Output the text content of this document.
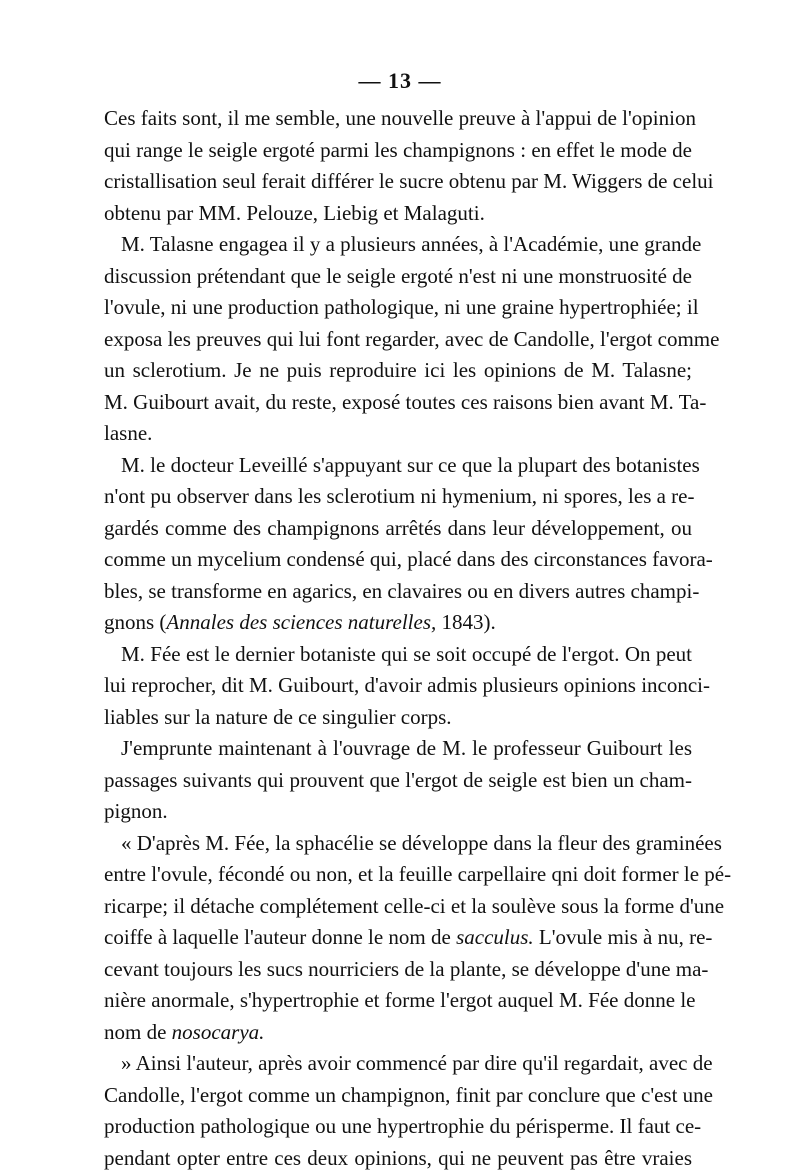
— 13 —
Ces faits sont, il me semble, une nouvelle preuve à l'appui de l'opinion
qui range le seigle ergoté parmi les champignons : en effet le mode de
cristallisation seul ferait différer le sucre obtenu par M. Wiggers de celui
obtenu par MM. Pelouze, Liebig et Malaguti.
M. Talasne engagea il y a plusieurs années, à l'Académie, une grande
discussion prétendant que le seigle ergoté n'est ni une monstruosité de
l'ovule, ni une production pathologique, ni une graine hypertrophiée; il
exposa les preuves qui lui font regarder, avec de Candolle, l'ergot comme
un sclerotium. Je ne puis reproduire ici les opinions de M. Talasne;
M. Guibourt avait, du reste, exposé toutes ces raisons bien avant M. Ta-
lasne.
M. le docteur Leveillé s'appuyant sur ce que la plupart des botanistes
n'ont pu observer dans les sclerotium ni hymenium, ni spores, les a re-
gardés comme des champignons arrêtés dans leur développement, ou
comme un mycelium condensé qui, placé dans des circonstances favora-
bles, se transforme en agarics, en clavaires ou en divers autres champi-
gnons (Annales des sciences naturelles, 1843).
M. Fée est le dernier botaniste qui se soit occupé de l'ergot. On peut
lui reprocher, dit M. Guibourt, d'avoir admis plusieurs opinions inconci-
liables sur la nature de ce singulier corps.
J'emprunte maintenant à l'ouvrage de M. le professeur Guibourt les
passages suivants qui prouvent que l'ergot de seigle est bien un cham-
pignon.
« D'après M. Fée, la sphacélie se développe dans la fleur des graminées
entre l'ovule, fécondé ou non, et la feuille carpellaire qni doit former le pé-
ricarpe; il détache complétement celle-ci et la soulève sous la forme d'une
coiffe à laquelle l'auteur donne le nom de sacculus. L'ovule mis à nu, re-
cevant toujours les sucs nourriciers de la plante, se développe d'une ma-
nière anormale, s'hypertrophie et forme l'ergot auquel M. Fée donne le
nom de nosocarya.
» Ainsi l'auteur, après avoir commencé par dire qu'il regardait, avec de
Candolle, l'ergot comme un champignon, finit par conclure que c'est une
production pathologique ou une hypertrophie du périsperme. Il faut ce-
pendant opter entre ces deux opinions, qui ne peuvent pas être vraies
